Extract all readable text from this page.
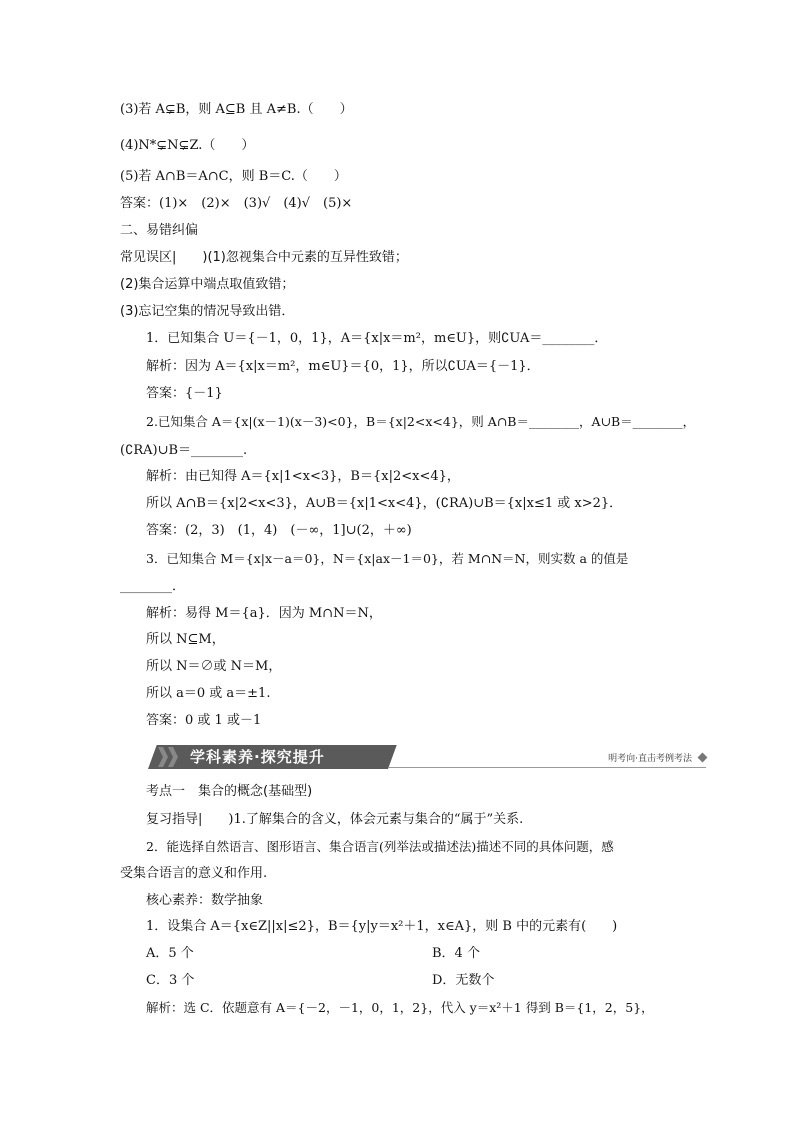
(3)若 A⊊B，则 A⊆B 且 A≠B.（　　）
(4)N*⊊N⊊Z.（　　）
(5)若 A∩B＝A∩C，则 B＝C.（　　）
答案：(1)×　(2)×　(3)√　(4)√　(5)×
二、易错纠偏
常见误区|　　)(1)忽视集合中元素的互异性致错；
(2)集合运算中端点取值致错；
(3)忘记空集的情况导致出错．
1．已知集合 U＝{－1，0，1}，A＝{x|x＝m²，m∈U}，则∁UA＝________．
解析：因为 A＝{x|x＝m²，m∈U}＝{0，1}，所以∁UA＝{－1}．
答案：{－1}
2.已知集合 A＝{x|(x－1)(x－3)<0}，B＝{x|2<x<4}，则 A∩B＝________，A∪B＝________，
(∁RA)∪B＝________.
解析：由已知得 A＝{x|1<x<3}，B＝{x|2<x<4}，
所以 A∩B＝{x|2<x<3}，A∪B＝{x|1<x<4}，(∁RA)∪B＝{x|x≤1 或 x>2}．
答案：(2，3)　(1，4)　(－∞，1]∪(2，＋∞)
3．已知集合 M＝{x|x－a＝0}，N＝{x|ax－1＝0}，若 M∩N＝N，则实数 a 的值是
________．
解析：易得 M＝{a}．因为 M∩N＝N，
所以 N⊆M，
所以 N＝∅或 N＝M，
所以 a＝0 或 a＝±1.
答案：0 或 1 或－1
学科素养·探究提升	明考向·直击考例考法
考点一　集合的概念(基础型)
复习指导|　　)1.了解集合的含义，体会元素与集合的“属于”关系.
2．能选择自然语言、图形语言、集合语言(列举法或描述法)描述不同的具体问题，感
受集合语言的意义和作用.
核心素养：数学抽象
1．设集合 A＝{x∈Z||x|≤2}，B＝{y|y＝x²＋1，x∈A}，则 B 中的元素有(　　)
A．5 个	B．4 个
C．3 个	D．无数个
解析：选 C．依题意有 A＝{－2，－1，0，1，2}，代入 y＝x²＋1 得到 B＝{1，2，5}，
